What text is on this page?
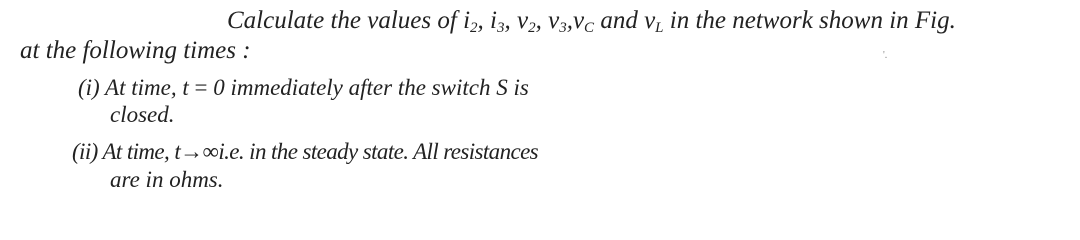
Calculate the values of $i_2$, $i_3$, $v_2$, $v_3,v_C$ and $v_L$ in the network shown in Fig.
at the following times :	'.
(i) At time, t = 0 immediately after the switch S is
closed.
(ii) At time, t→∞i.e. in the steady state. All resistances
are in ohms.
